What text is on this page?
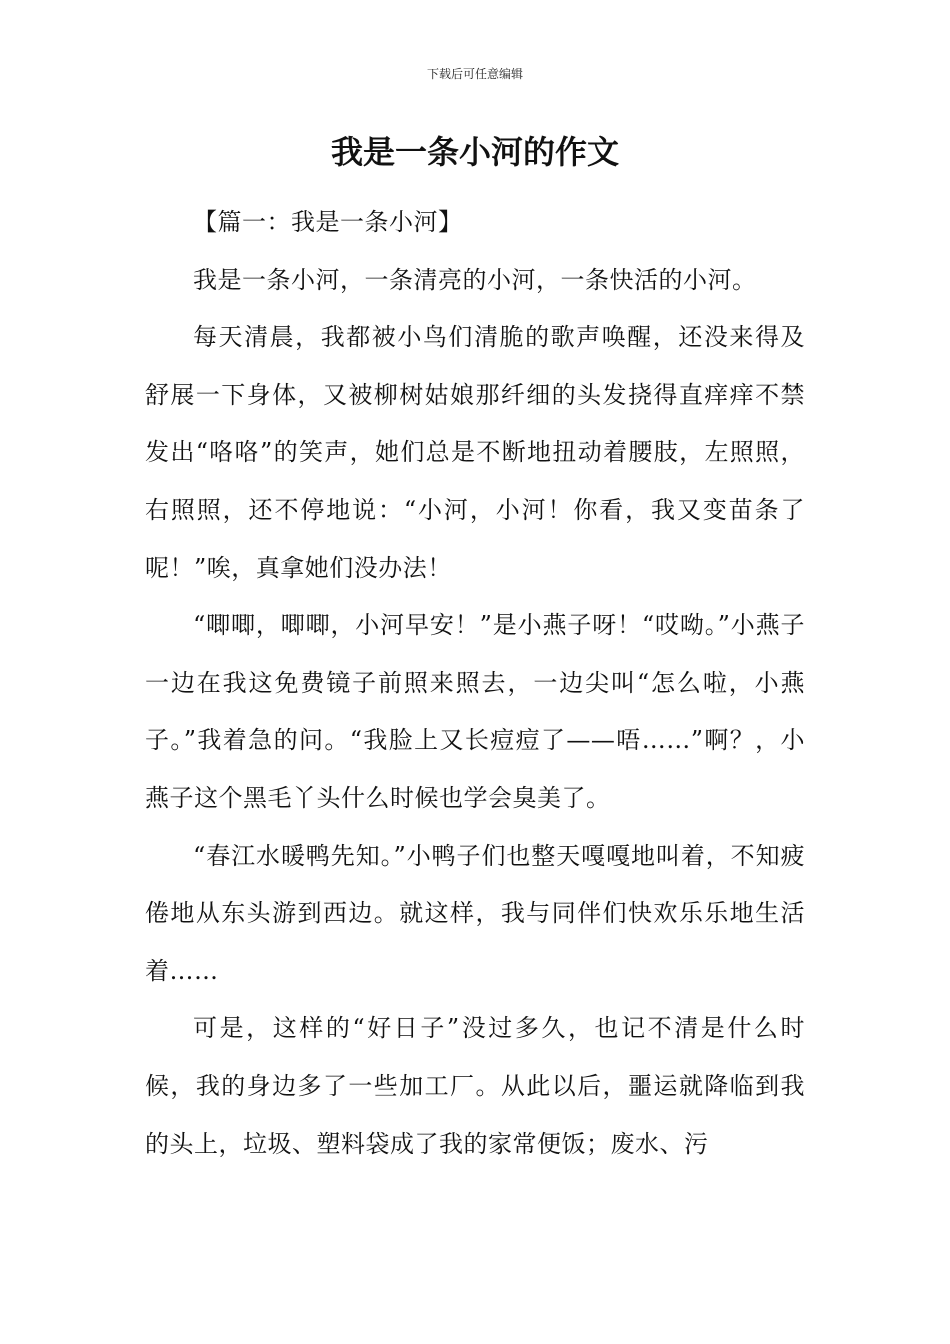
下载后可任意编辑
我是一条小河的作文

【篇一：我是一条小河】

我是一条小河，一条清亮的小河，一条快活的小河。

每天清晨，我都被小鸟们清脆的歌声唤醒，还没来得及舒展一下身体，又被柳树姑娘那纤细的头发挠得直痒痒不禁发出“咯咯”的笑声，她们总是不断地扭动着腰肢，左照照，右照照，还不停地说：“小河，小河！你看，我又变苗条了呢！”唉，真拿她们没办法！

“唧唧，唧唧，小河早安！”是小燕子呀！“哎呦。”小燕子一边在我这免费镜子前照来照去，一边尖叫“怎么啦，小燕子。”我着急的问。“我脸上又长痘痘了——唔……”啊？，小燕子这个黑毛丫头什么时候也学会臭美了。

“春江水暖鸭先知。”小鸭子们也整天嘎嘎地叫着，不知疲倦地从东头游到西边。就这样，我与同伴们快欢乐乐地生活着……

可是，这样的“好日子”没过多久，也记不清是什么时候，我的身边多了一些加工厂。从此以后，噩运就降临到我的头上，垃圾、塑料袋成了我的家常便饭；废水、污
